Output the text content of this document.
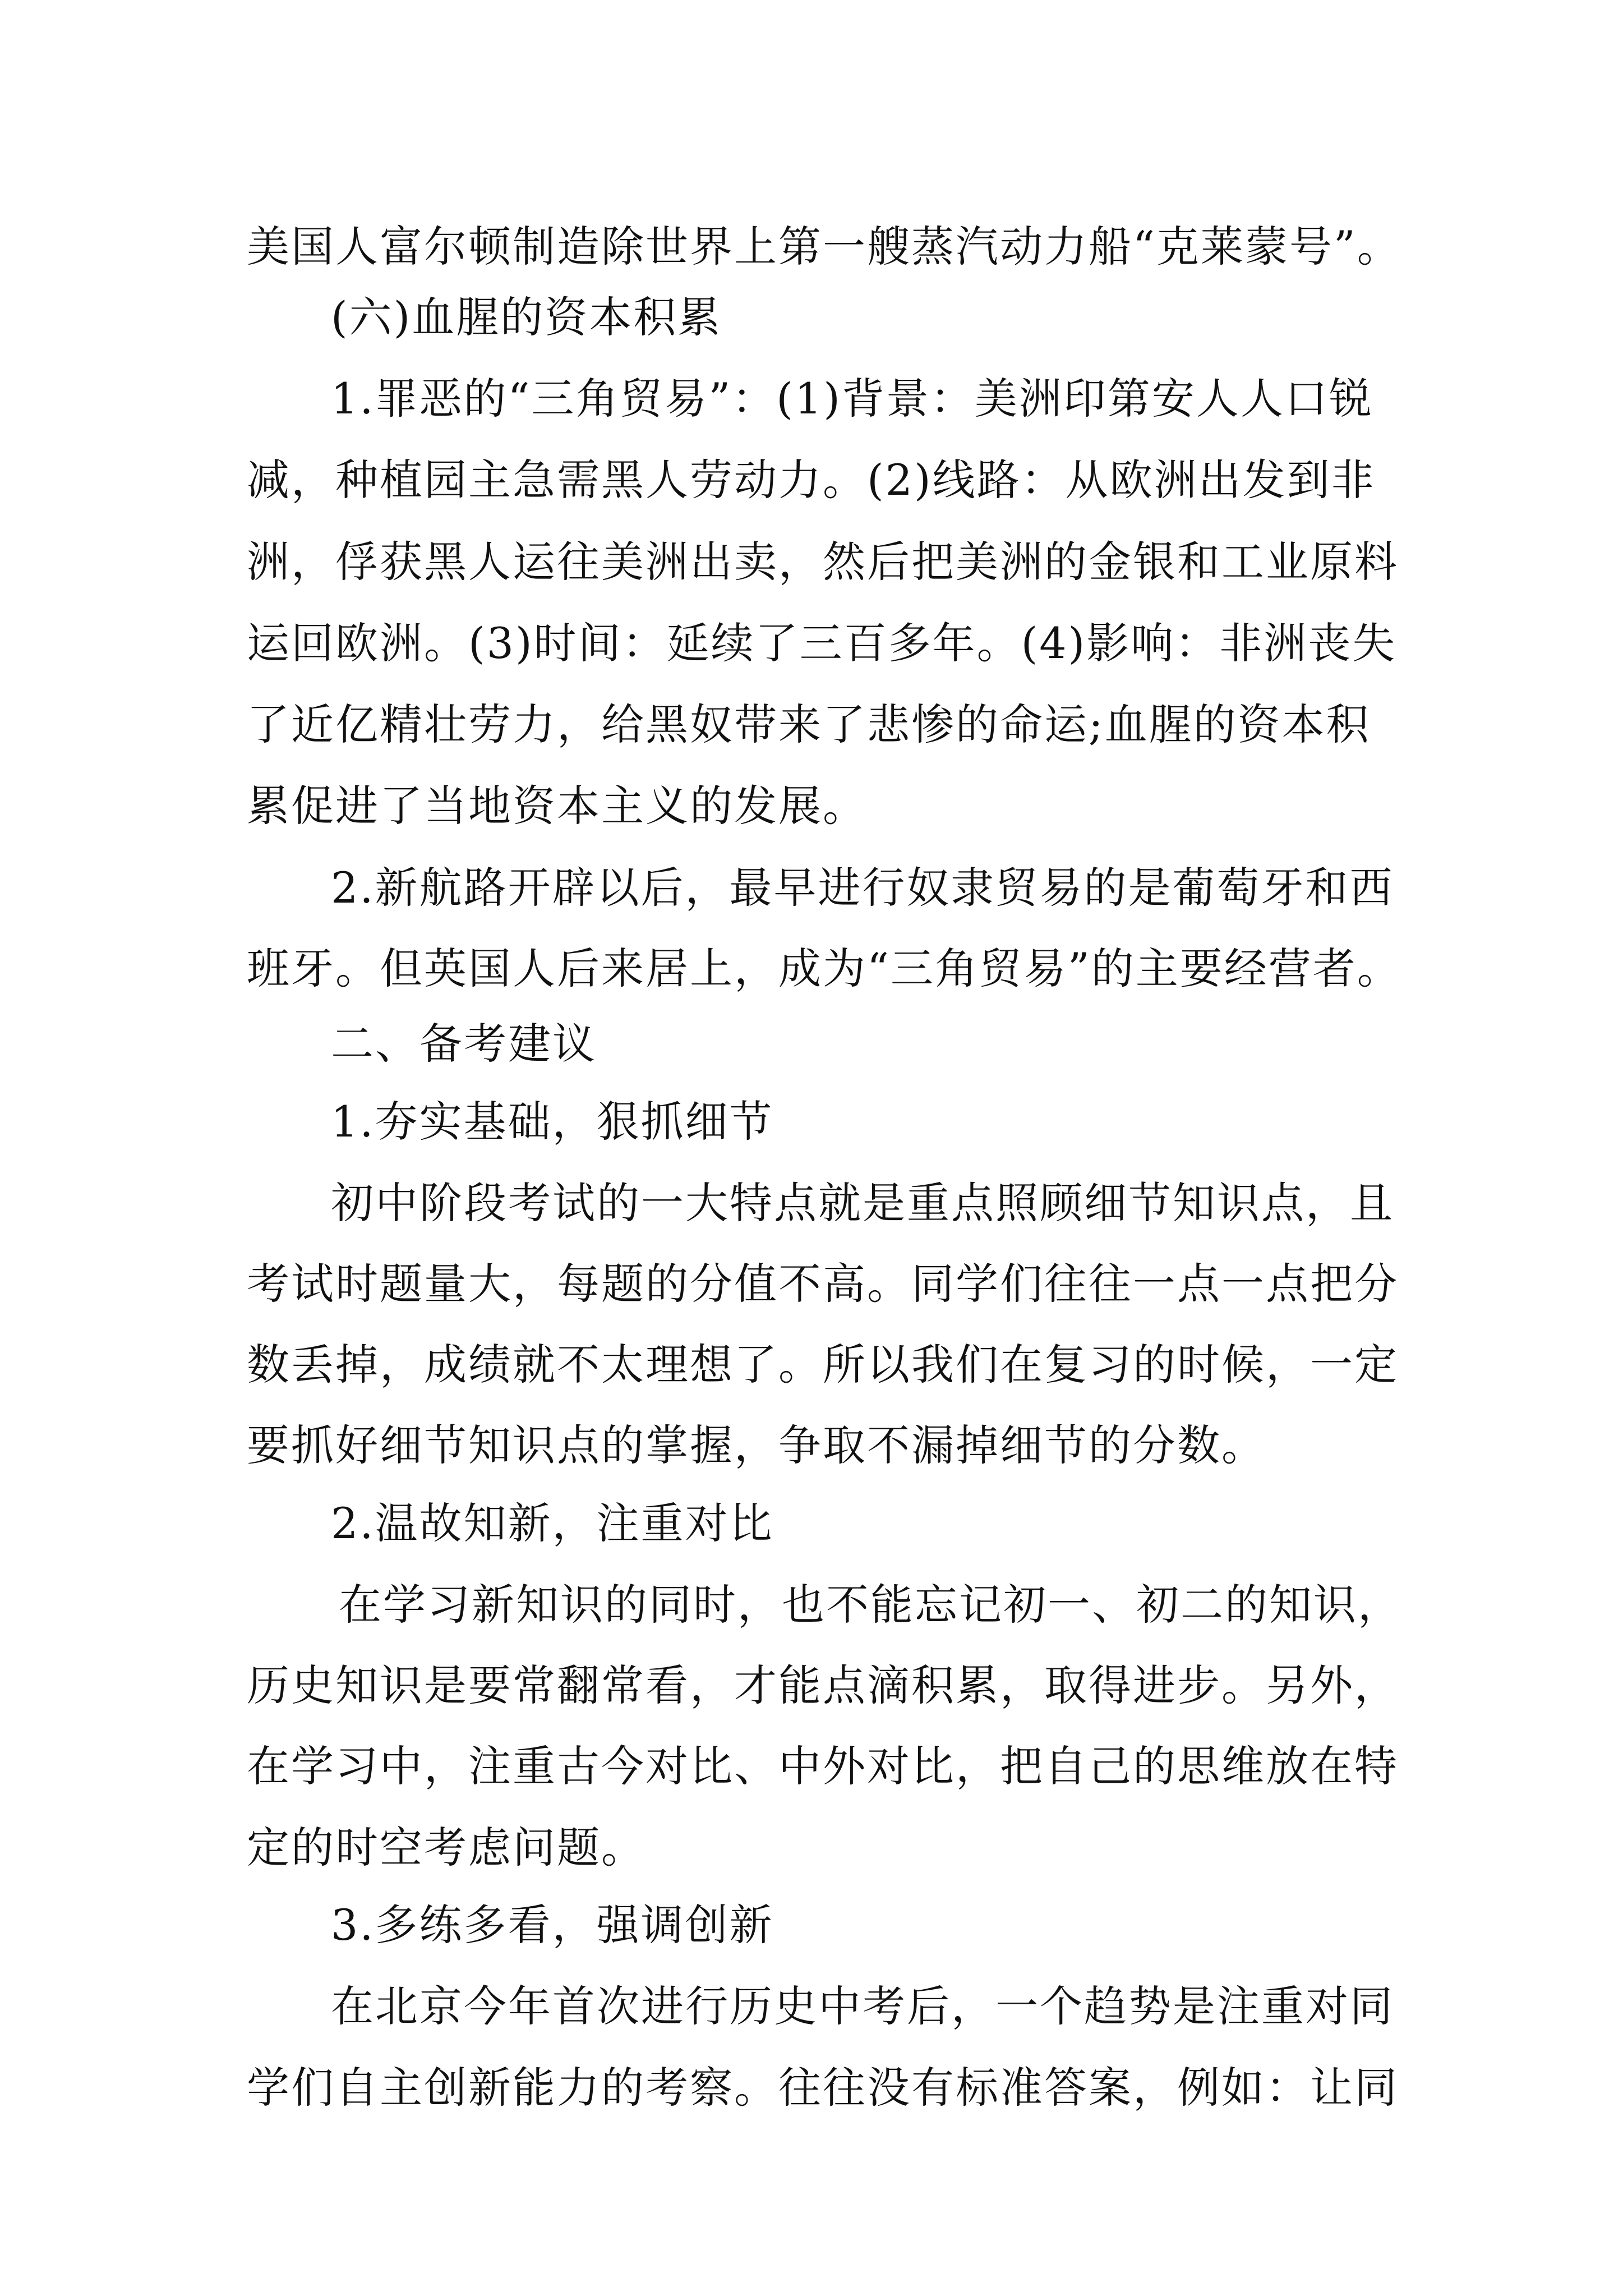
美国人富尔顿制造除世界上第一艘蒸汽动力船“克莱蒙号”。
(六)血腥的资本积累
1.罪恶的“三角贸易”：(1)背景：美洲印第安人人口锐
减，种植园主急需黑人劳动力。(2)线路：从欧洲出发到非
洲，俘获黑人运往美洲出卖，然后把美洲的金银和工业原料
运回欧洲。(3)时间：延续了三百多年。(4)影响：非洲丧失
了近亿精壮劳力，给黑奴带来了悲惨的命运;血腥的资本积
累促进了当地资本主义的发展。
2.新航路开辟以后，最早进行奴隶贸易的是葡萄牙和西
班牙。但英国人后来居上，成为“三角贸易”的主要经营者。
二、备考建议
1.夯实基础，狠抓细节
初中阶段考试的一大特点就是重点照顾细节知识点，且
考试时题量大，每题的分值不高。同学们往往一点一点把分
数丢掉，成绩就不太理想了。所以我们在复习的时候，一定
要抓好细节知识点的掌握，争取不漏掉细节的分数。
2.温故知新，注重对比
在学习新知识的同时，也不能忘记初一、初二的知识，
历史知识是要常翻常看，才能点滴积累，取得进步。另外，
在学习中，注重古今对比、中外对比，把自己的思维放在特
定的时空考虑问题。
3.多练多看，强调创新
在北京今年首次进行历史中考后，一个趋势是注重对同
学们自主创新能力的考察。往往没有标准答案，例如：让同
